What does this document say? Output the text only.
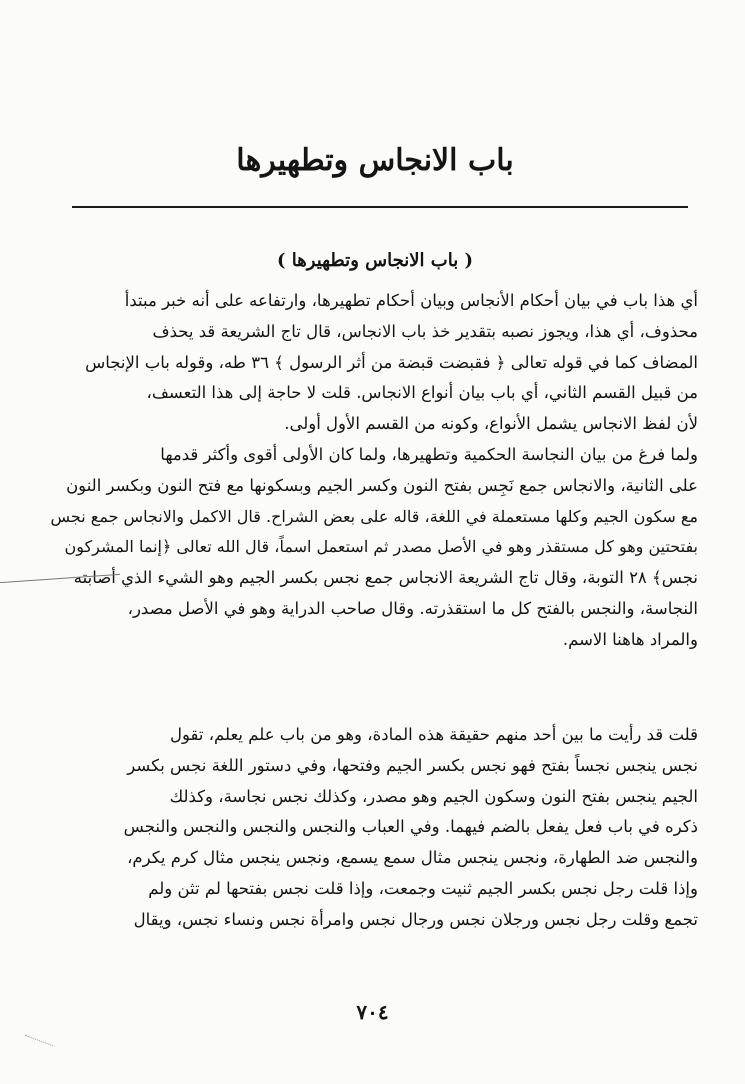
باب الانجاس وتطهيرها
( باب الانجاس وتطهيرها )

أي هذا باب في بيان أحكام الأنجاس وبيان أحكام تطهيرها، وارتفاعه على أنه خبر مبتدأ
محذوف، أي هذا، ويجوز نصبه بتقدير خذ باب الانجاس، قال تاج الشريعة قد يحذف
المضاف كما في قوله تعالى ﴿ فقبضت قبضة من أثر الرسول ﴾ ٣٦ طه، وقوله باب الإنجاس
من قبيل القسم الثاني، أي باب بيان أنواع الانجاس. قلت لا حاجة إلى هذا التعسف،
لأن لفظ الانجاس يشمل الأنواع، وكونه من القسم الأول أولى.
ولما فرغ من بيان النجاسة الحكمية وتطهيرها، ولما كان الأولى أقوى وأكثر قدمها
على الثانية، والانجاس جمع نَجِس بفتح النون وكسر الجيم وبسكونها مع فتح النون وبكسر النون
مع سكون الجيم وكلها مستعملة في اللغة، قاله على بعض الشراح. قال الاكمل والانجاس جمع نجس
بفتحتين وهو كل مستقذر وهو في الأصل مصدر ثم استعمل اسماً، قال الله تعالى ﴿إنما المشركون
نجس﴾ ٢٨ التوبة، وقال تاج الشريعة الانجاس جمع نجس بكسر الجيم وهو الشيء الذي أصابته
النجاسة، والنجس بالفتح كل ما استقذرته. وقال صاحب الدراية وهو في الأصل مصدر،
والمراد هاهنا الاسم.

قلت قد رأيت ما بين أحد منهم حقيقة هذه المادة، وهو من باب علم يعلم، تقول
نجس ينجس نجساً بفتح فهو نجس بكسر الجيم وفتحها، وفي دستور اللغة نجس بكسر
الجيم ينجس بفتح النون وسكون الجيم وهو مصدر، وكذلك نجس نجاسة، وكذلك
ذكره في باب فعل يفعل بالضم فيهما. وفي العباب والنجس والنجس والنجس والنجس
والنجس ضد الطهارة، ونجس ينجس مثال سمع يسمع، ونجس ينجس مثال كرم يكرم،
وإذا قلت رجل نجس بكسر الجيم ثنيت وجمعت، وإذا قلت نجس بفتحها لم تثن ولم
تجمع وقلت رجل نجس ورجلان نجس ورجال نجس وامرأة نجس ونساء نجس، ويقال

٧٠٤
